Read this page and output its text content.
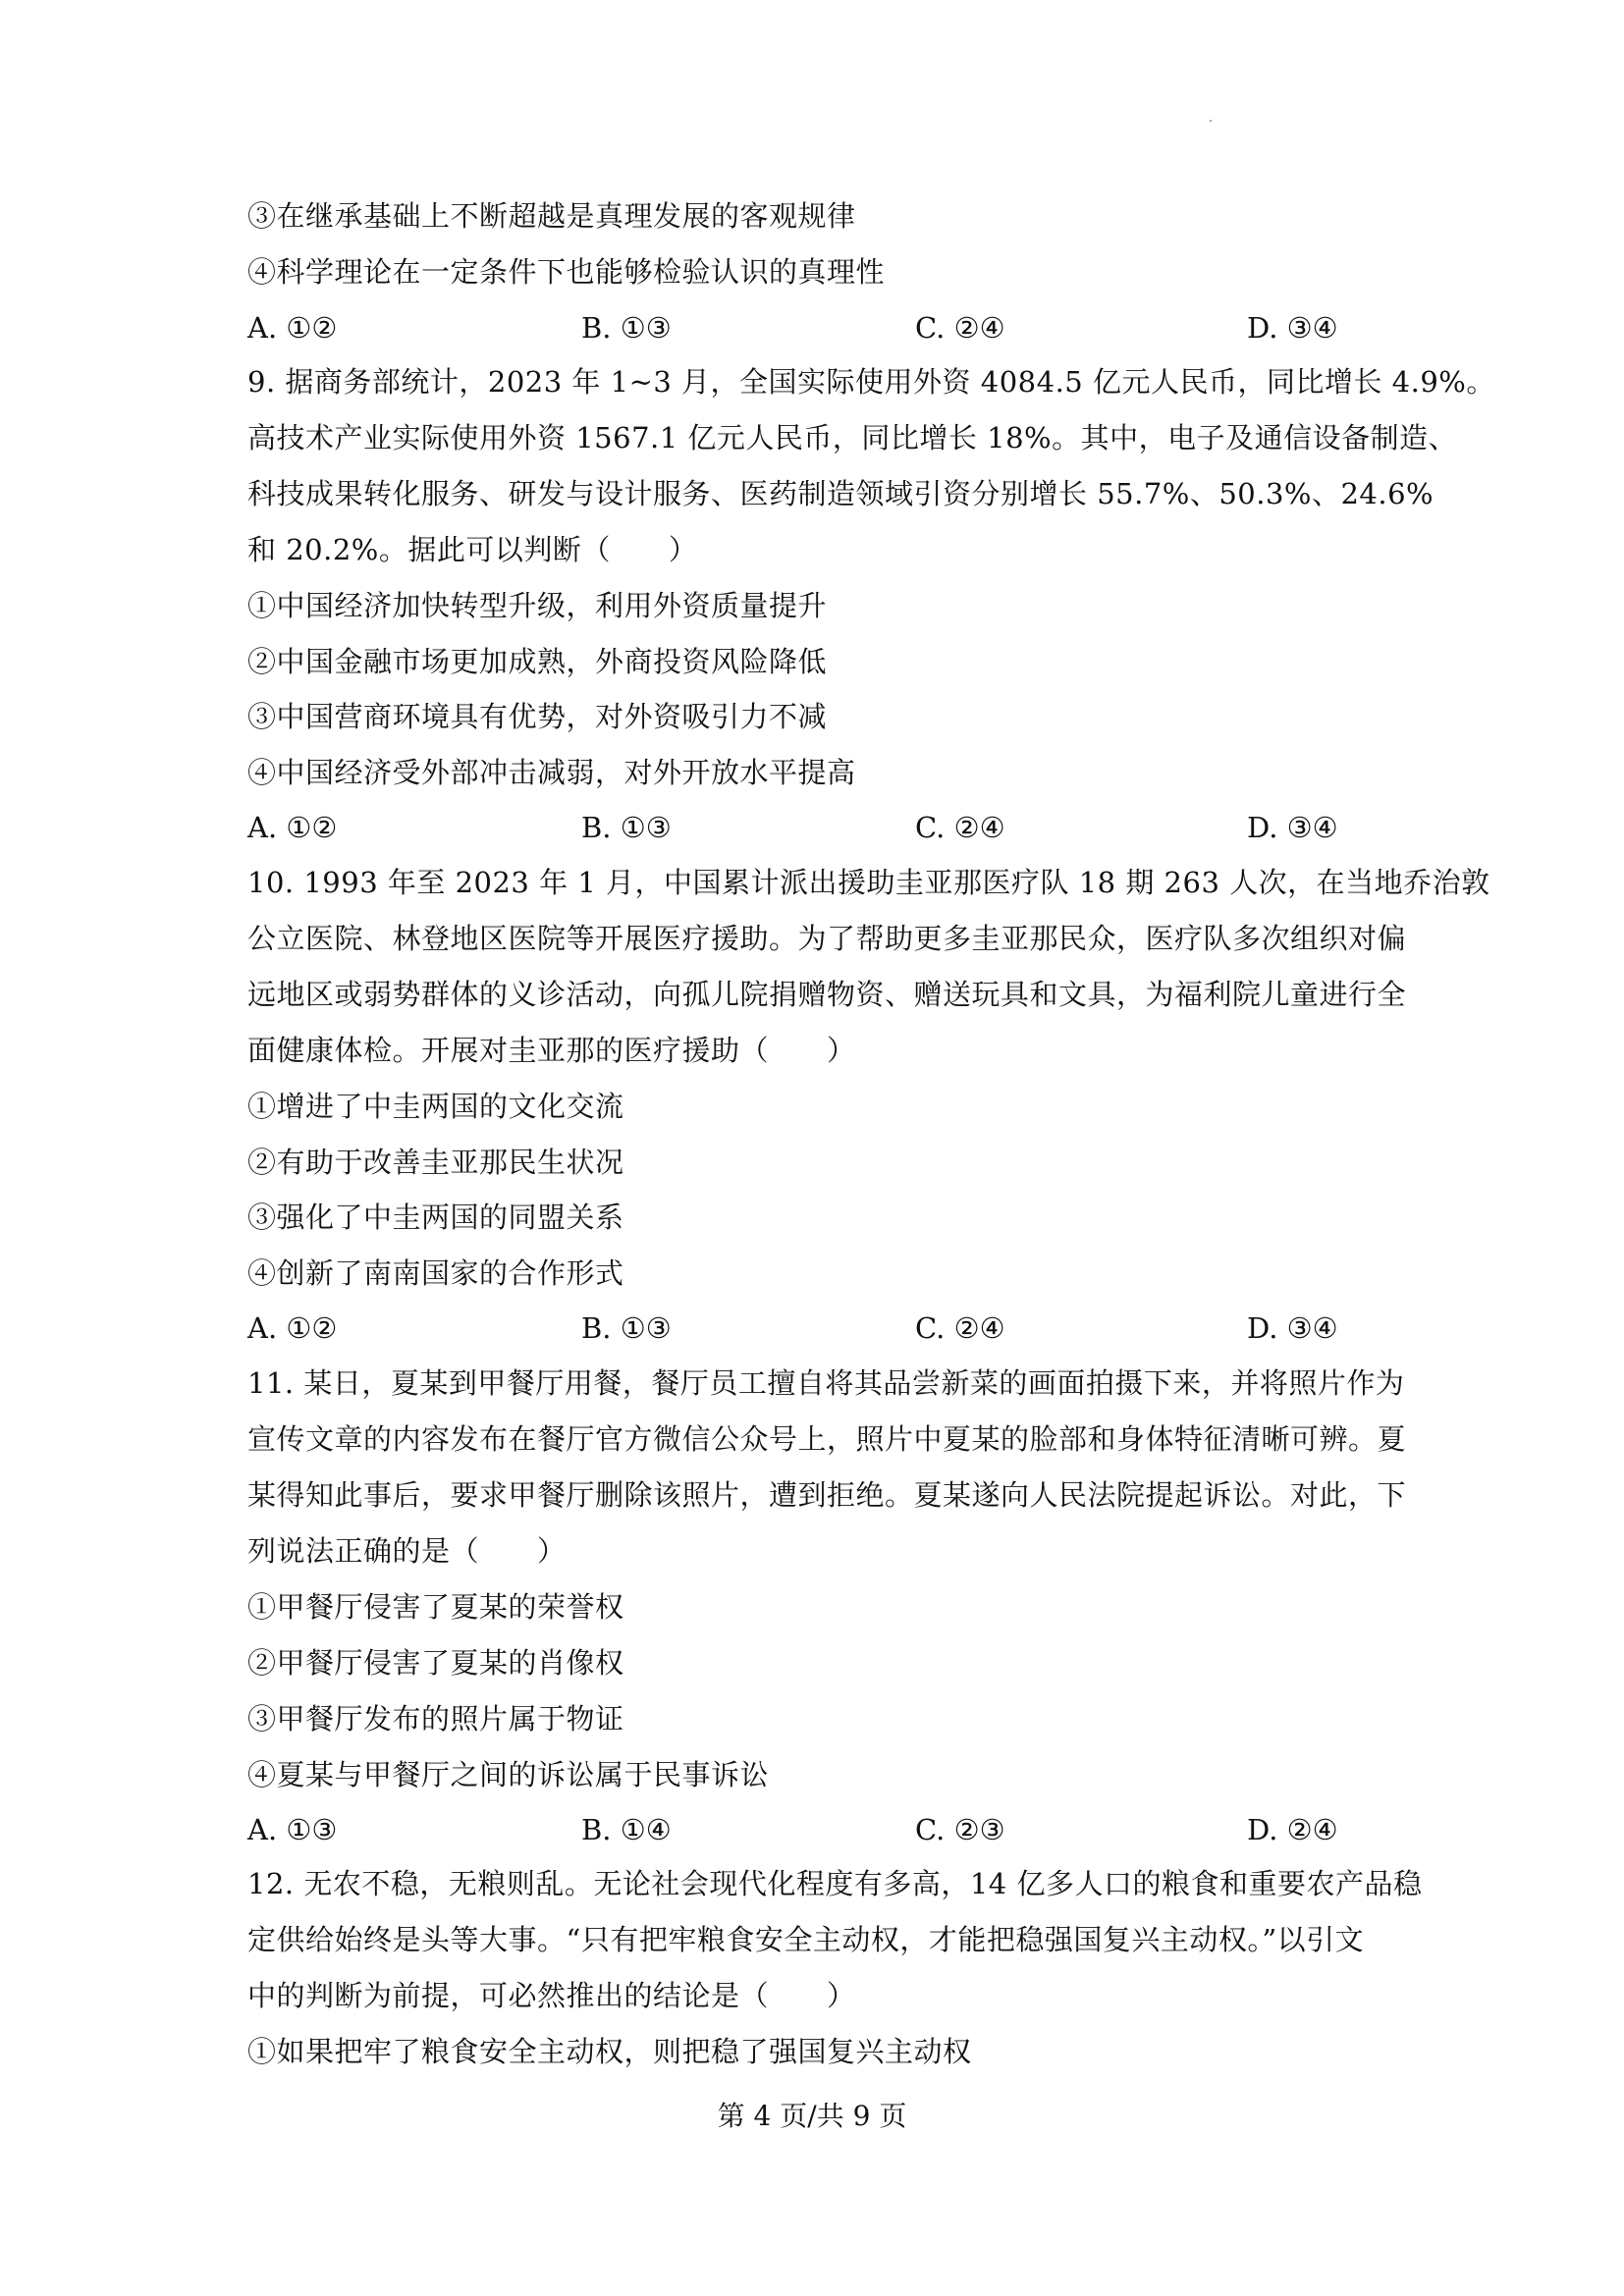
③在继承基础上不断超越是真理发展的客观规律
④科学理论在一定条件下也能够检验认识的真理性
A. ①②	B. ①③	C. ②④	D. ③④
9. 据商务部统计，2023 年 1~3 月，全国实际使用外资 4084.5 亿元人民币，同比增长 4.9%。
高技术产业实际使用外资 1567.1 亿元人民币，同比增长 18%。其中，电子及通信设备制造、
科技成果转化服务、研发与设计服务、医药制造领域引资分别增长 55.7%、50.3%、24.6%
和 20.2%。据此可以判断（　　）
①中国经济加快转型升级，利用外资质量提升
②中国金融市场更加成熟，外商投资风险降低
③中国营商环境具有优势，对外资吸引力不减
④中国经济受外部冲击减弱，对外开放水平提高
A. ①②	B. ①③	C. ②④	D. ③④
10. 1993 年至 2023 年 1 月，中国累计派出援助圭亚那医疗队 18 期 263 人次，在当地乔治敦
公立医院、林登地区医院等开展医疗援助。为了帮助更多圭亚那民众，医疗队多次组织对偏
远地区或弱势群体的义诊活动，向孤儿院捐赠物资、赠送玩具和文具，为福利院儿童进行全
面健康体检。开展对圭亚那的医疗援助（　　）
①增进了中圭两国的文化交流
②有助于改善圭亚那民生状况
③强化了中圭两国的同盟关系
④创新了南南国家的合作形式
A. ①②	B. ①③	C. ②④	D. ③④
11. 某日，夏某到甲餐厅用餐，餐厅员工擅自将其品尝新菜的画面拍摄下来，并将照片作为
宣传文章的内容发布在餐厅官方微信公众号上，照片中夏某的脸部和身体特征清晰可辨。夏
某得知此事后，要求甲餐厅删除该照片，遭到拒绝。夏某遂向人民法院提起诉讼。对此，下
列说法正确的是（　　）
①甲餐厅侵害了夏某的荣誉权
②甲餐厅侵害了夏某的肖像权
③甲餐厅发布的照片属于物证
④夏某与甲餐厅之间的诉讼属于民事诉讼
A. ①③	B. ①④	C. ②③	D. ②④
12. 无农不稳，无粮则乱。无论社会现代化程度有多高，14 亿多人口的粮食和重要农产品稳
定供给始终是头等大事。“只有把牢粮食安全主动权，才能把稳强国复兴主动权。”以引文
中的判断为前提，可必然推出的结论是（　　）
①如果把牢了粮食安全主动权，则把稳了强国复兴主动权
第 4 页/共 9 页
